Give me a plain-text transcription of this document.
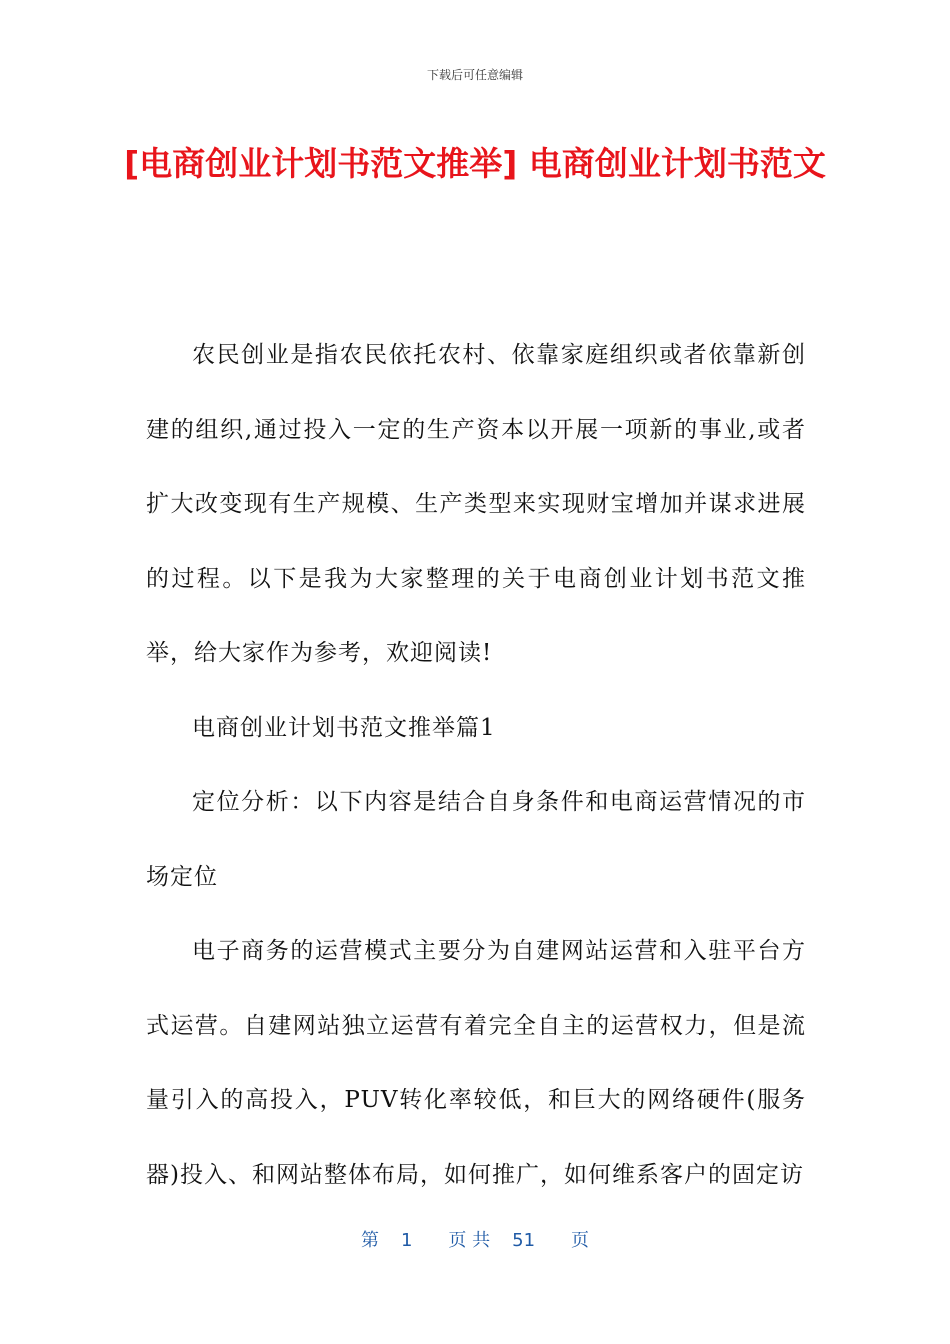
下载后可任意编辑
[电商创业计划书范文推举] 电商创业计划书范文

农民创业是指农民依托农村、依靠家庭组织或者依靠新创建的组织,通过投入一定的生产资本以开展一项新的事业,或者扩大改变现有生产规模、生产类型来实现财宝增加并谋求进展的过程。以下是我为大家整理的关于电商创业计划书范文推举，给大家作为参考，欢迎阅读!

电商创业计划书范文推举篇1

定位分析：以下内容是结合自身条件和电商运营情况的市场定位

电子商务的运营模式主要分为自建网站运营和入驻平台方式运营。自建网站独立运营有着完全自主的运营权力，但是流量引入的高投入，PUV转化率较低，和巨大的网络硬件(服务器)投入、和网站整体布局，如何推广，如何维系客户的固定访

第 1 页 共 51 页
